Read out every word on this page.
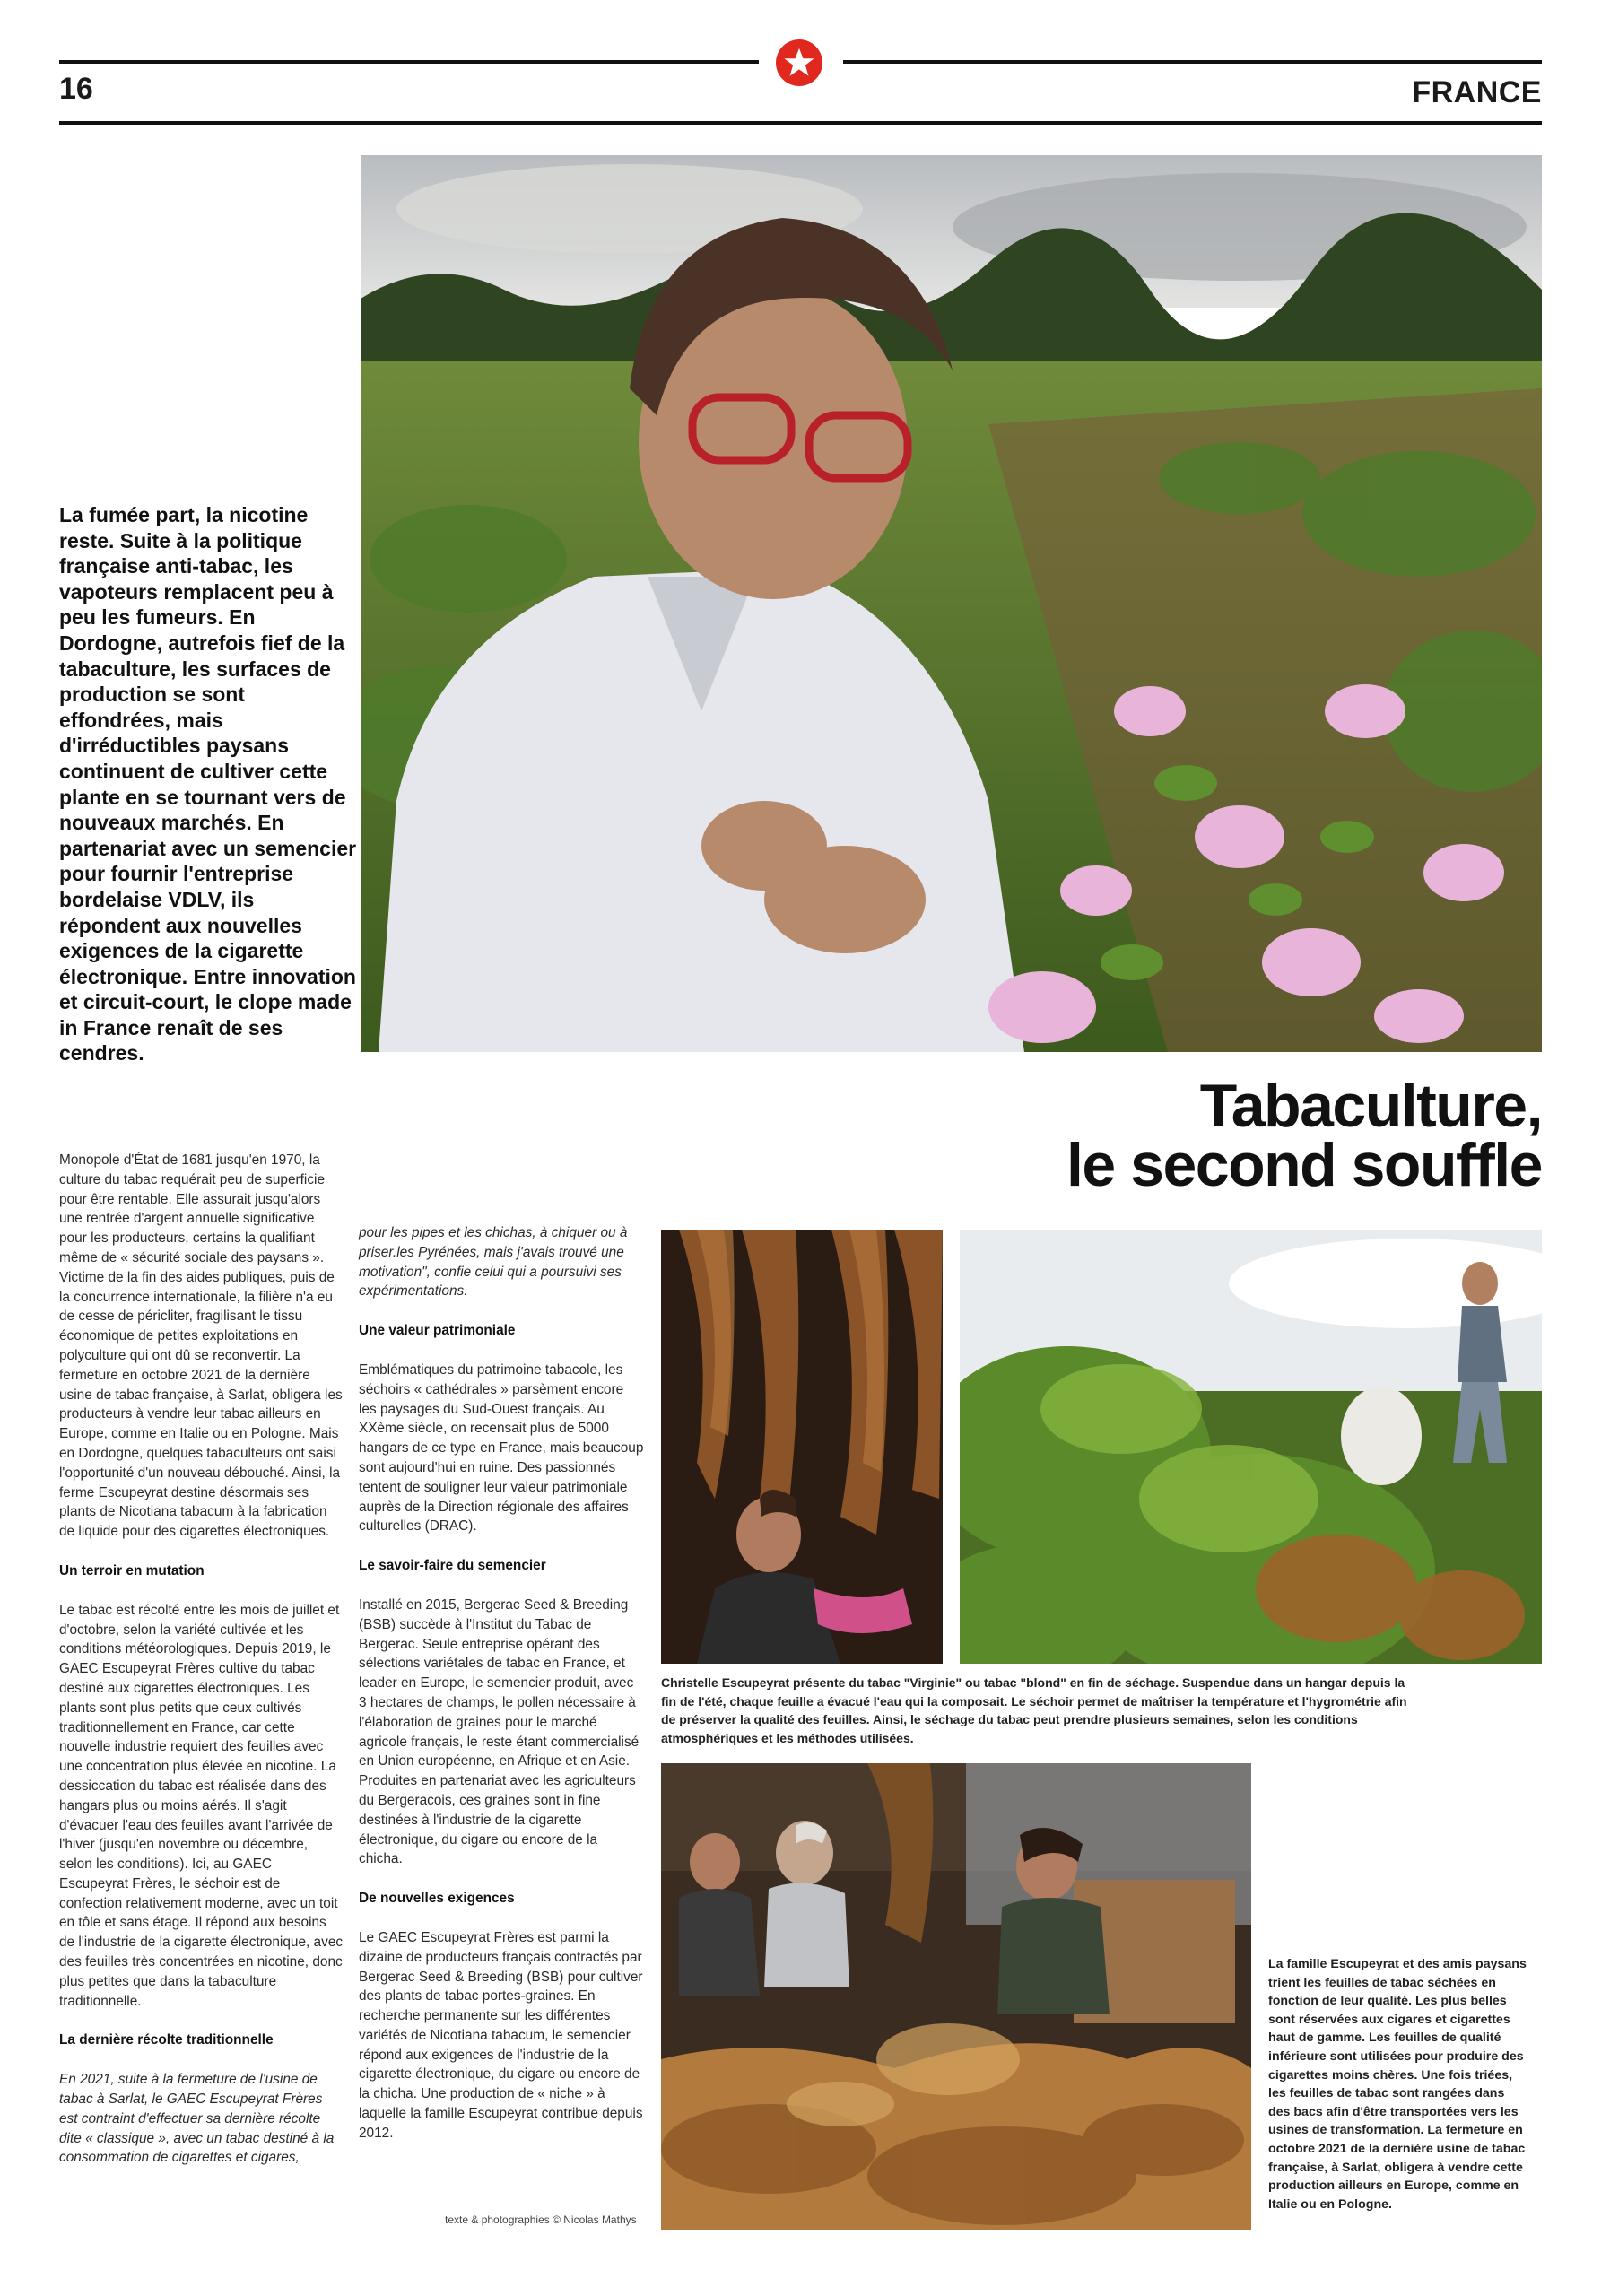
16	FRANCE
La fumée part, la nicotine reste. Suite à la politique française anti-tabac, les vapoteurs remplacent peu à peu les fumeurs. En Dordogne, autrefois fief de la tabaculture, les surfaces de production se sont effondrées, mais d'irréductibles paysans continuent de cultiver cette plante en se tournant vers de nouveaux marchés. En partenariat avec un semencier pour fournir l'entreprise bordelaise VDLV, ils répondent aux nouvelles exigences de la cigarette électronique. Entre innovation et circuit-court, le clope made in France renaît de ses cendres.
Tabaculture,
le second souffle

Monopole d'État de 1681 jusqu'en 1970, la culture du tabac requérait peu de superficie pour être rentable. Elle assurait jusqu'alors une rentrée d'argent annuelle significative pour les producteurs, certains la qualifiant même de « sécurité sociale des paysans ». Victime de la fin des aides publiques, puis de la concurrence internationale, la filière n'a eu de cesse de péricliter, fragilisant le tissu économique de petites exploitations en polyculture qui ont dû se reconvertir. La fermeture en octobre 2021 de la dernière usine de tabac française, à Sarlat, obligera les producteurs à vendre leur tabac ailleurs en Europe, comme en Italie ou en Pologne. Mais en Dordogne, quelques tabaculteurs ont saisi l'opportunité d'un nouveau débouché. Ainsi, la ferme Escupeyrat destine désormais ses plants de Nicotiana tabacum à la fabrication de liquide pour des cigarettes électroniques.

Un terroir en mutation

Le tabac est récolté entre les mois de juillet et d'octobre, selon la variété cultivée et les conditions météorologiques. Depuis 2019, le GAEC Escupeyrat Frères cultive du tabac destiné aux cigarettes électroniques. Les plants sont plus petits que ceux cultivés traditionnellement en France, car cette nouvelle industrie requiert des feuilles avec une concentration plus élevée en nicotine. La dessiccation du tabac est réalisée dans des hangars plus ou moins aérés. Il s'agit d'évacuer l'eau des feuilles avant l'arrivée de l'hiver (jusqu'en novembre ou décembre, selon les conditions). Ici, au GAEC Escupeyrat Frères, le séchoir est de confection relativement moderne, avec un toit en tôle et sans étage. Il répond aux besoins de l'industrie de la cigarette électronique, avec des feuilles très concentrées en nicotine, donc plus petites que dans la tabaculture traditionnelle.

La dernière récolte traditionnelle

En 2021, suite à la fermeture de l'usine de tabac à Sarlat, le GAEC Escupeyrat Frères est contraint d'effectuer sa dernière récolte dite « classique », avec un tabac destiné à la consommation de cigarettes et cigares,

pour les pipes et les chichas, à chiquer ou à priser.les Pyrénées, mais j'avais trouvé une motivation", confie celui qui a poursuivi ses expérimentations.

Une valeur patrimoniale

Emblématiques du patrimoine tabacole, les séchoirs « cathédrales » parsèment encore les paysages du Sud-Ouest français. Au XXème siècle, on recensait plus de 5000 hangars de ce type en France, mais beaucoup sont aujourd'hui en ruine. Des passionnés tentent de souligner leur valeur patrimoniale auprès de la Direction régionale des affaires culturelles (DRAC).

Le savoir-faire du semencier

Installé en 2015, Bergerac Seed & Breeding (BSB) succède à l'Institut du Tabac de Bergerac. Seule entreprise opérant des sélections variétales de tabac en France, et leader en Europe, le semencier produit, avec 3 hectares de champs, le pollen nécessaire à l'élaboration de graines pour le marché agricole français, le reste étant commercialisé en Union européenne, en Afrique et en Asie. Produites en partenariat avec les agriculteurs du Bergeracois, ces graines sont in fine destinées à l'industrie de la cigarette électronique, du cigare ou encore de la chicha.

De nouvelles exigences

Le GAEC Escupeyrat Frères est parmi la dizaine de producteurs français contractés par Bergerac Seed & Breeding (BSB) pour cultiver des plants de tabac portes-graines. En recherche permanente sur les différentes variétés de Nicotiana tabacum, le semencier répond aux exigences de l'industrie de la cigarette électronique, du cigare ou encore de la chicha. Une production de « niche » à laquelle la famille Escupeyrat contribue depuis 2012.

texte & photographies © Nicolas Mathys
Christelle Escupeyrat présente du tabac "Virginie" ou tabac "blond" en fin de séchage. Suspendue dans un hangar depuis la fin de l'été, chaque feuille a évacué l'eau qui la composait. Le séchoir permet de maîtriser la température et l'hygrométrie afin de préserver la qualité des feuilles. Ainsi, le séchage du tabac peut prendre plusieurs semaines, selon les conditions atmosphériques et les méthodes utilisées.
La famille Escupeyrat et des amis paysans trient les feuilles de tabac séchées en fonction de leur qualité. Les plus belles sont réservées aux cigares et cigarettes haut de gamme. Les feuilles de qualité inférieure sont utilisées pour produire des cigarettes moins chères. Une fois triées, les feuilles de tabac sont rangées dans des bacs afin d'être transportées vers les usines de transformation. La fermeture en octobre 2021 de la dernière usine de tabac française, à Sarlat, obligera à vendre cette production ailleurs en Europe, comme en Italie ou en Pologne.
